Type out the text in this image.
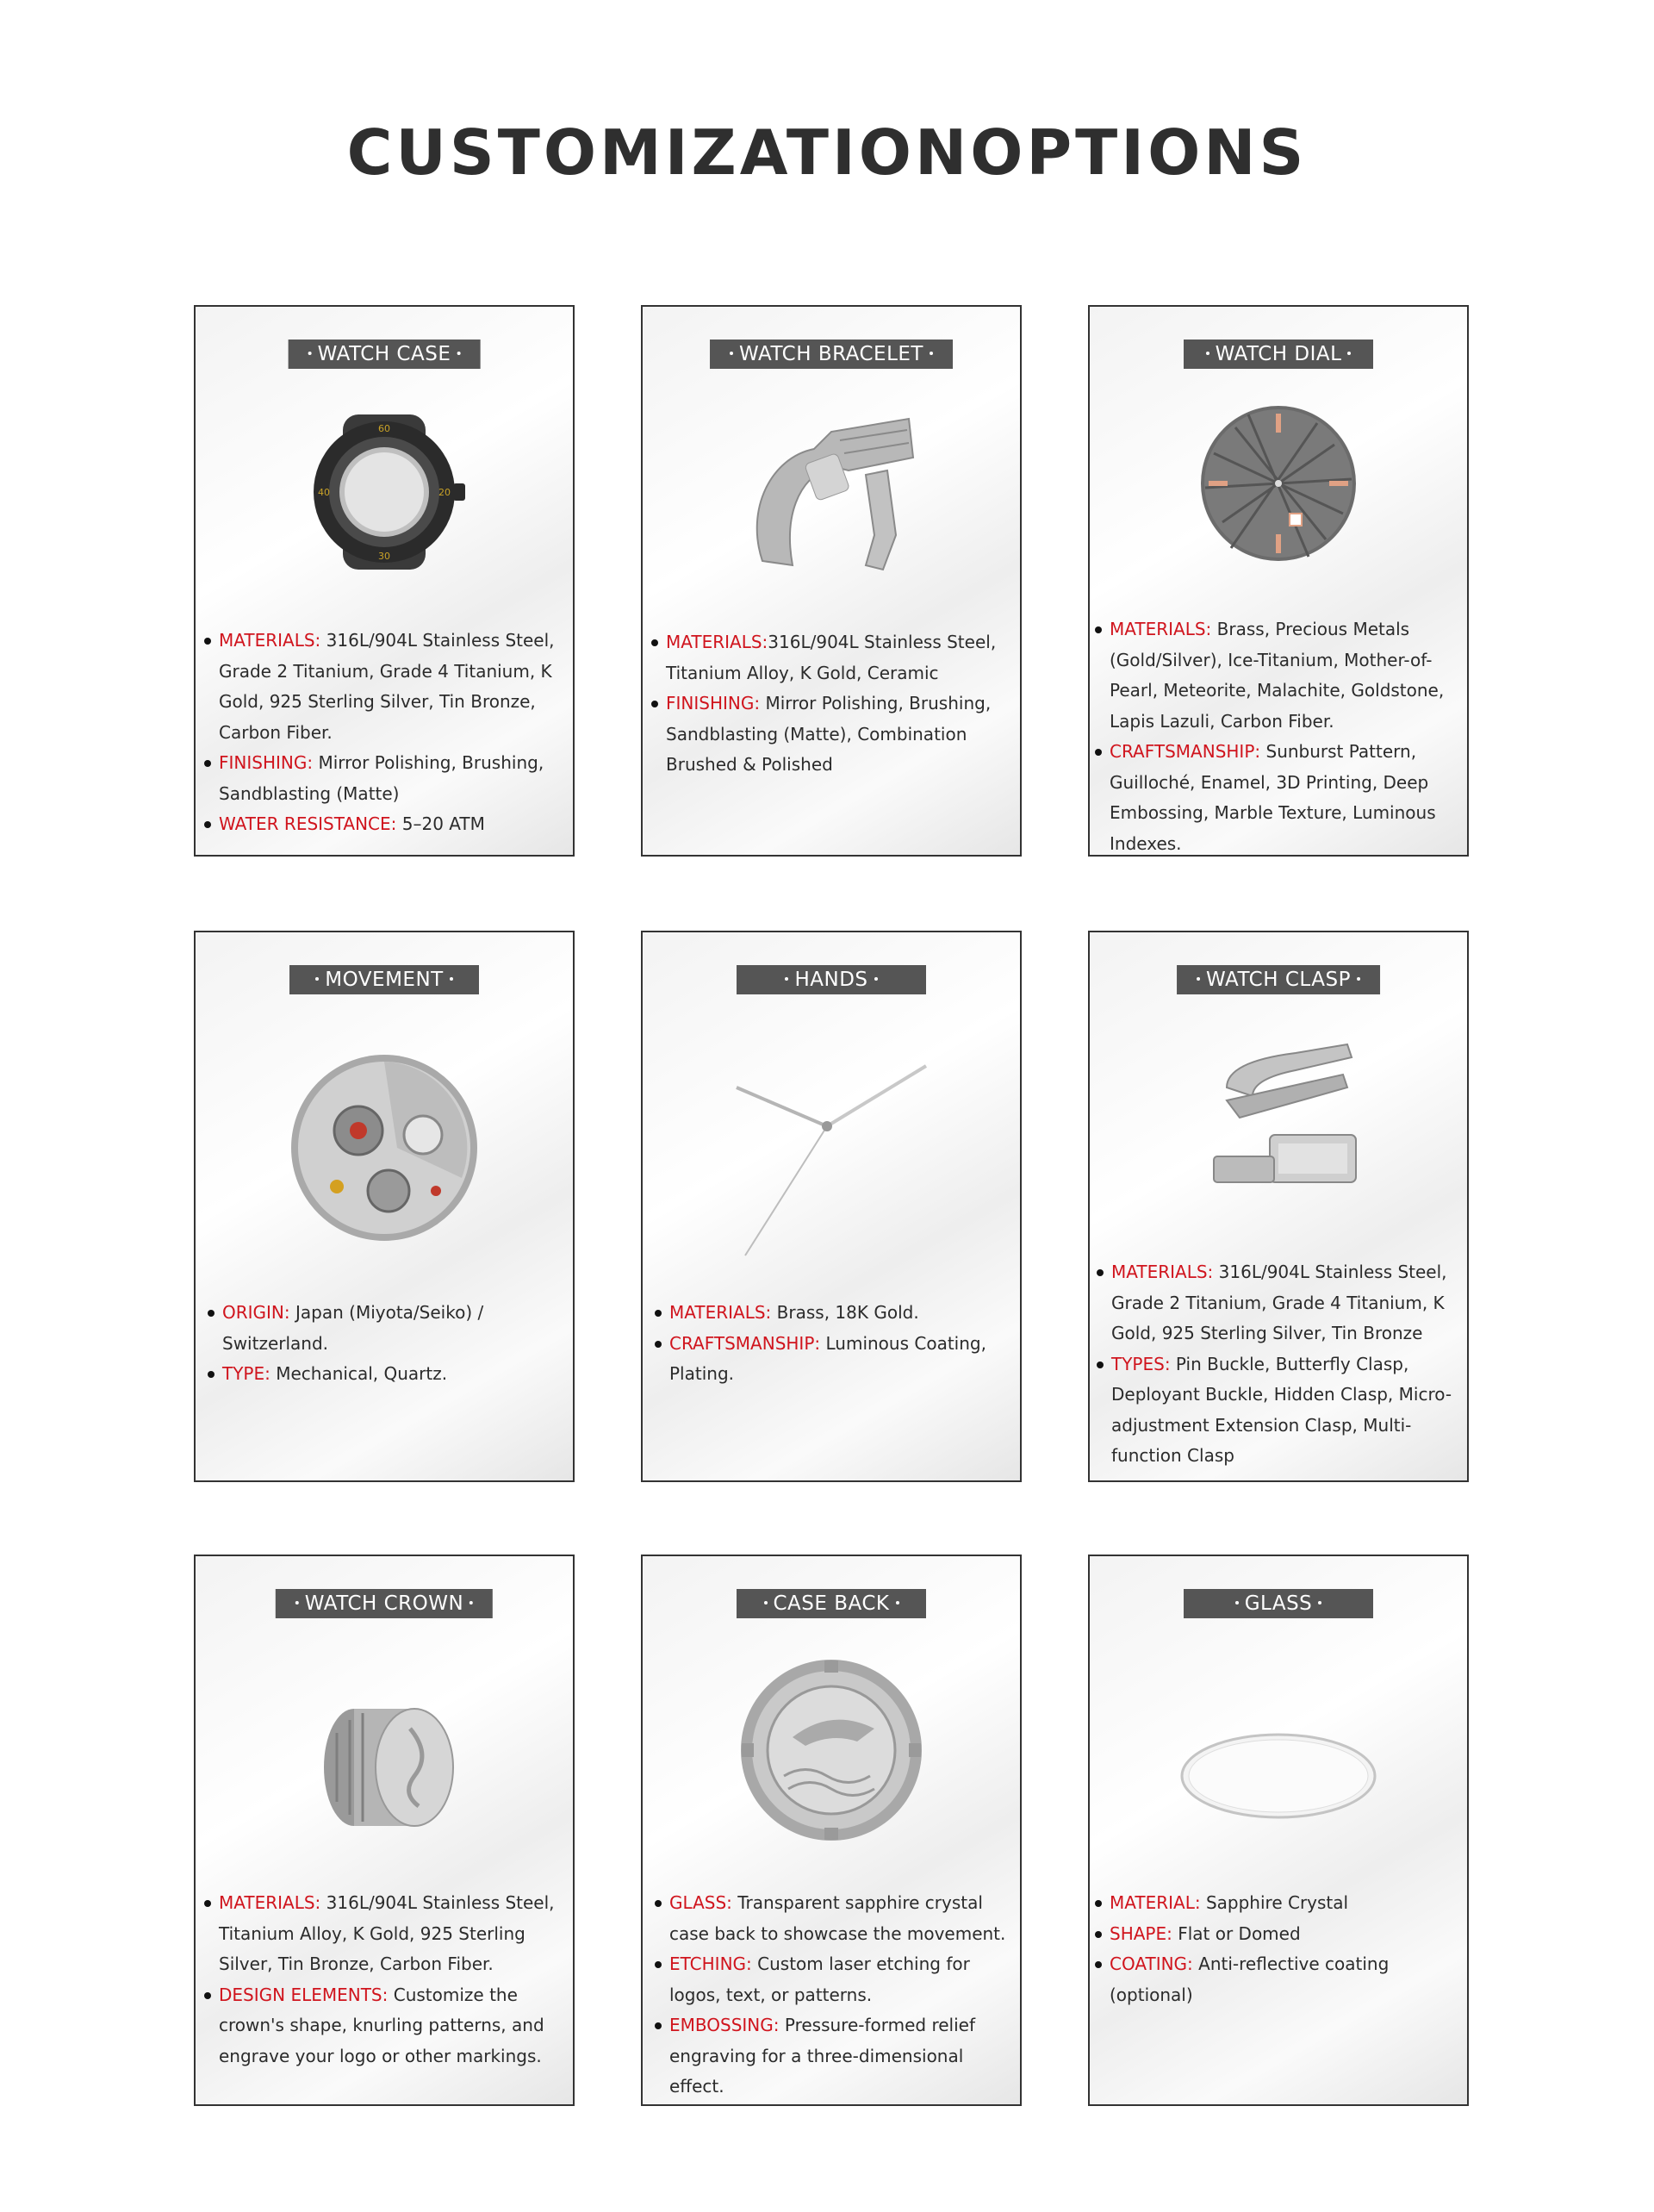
CUSTOMIZATIONOPTIONS
WATCH CASE
60
30
40	20
MATERIALS: 316L/904L Stainless Steel, Grade 2 Titanium, Grade 4 Titanium, K Gold, 925 Sterling Silver, Tin Bronze, Carbon Fiber.
FINISHING: Mirror Polishing, Brushing, Sandblasting (Matte)
WATER RESISTANCE: 5–20 ATM
WATCH BRACELET
MATERIALS:316L/904L Stainless Steel, Titanium Alloy, K Gold, Ceramic
FINISHING: Mirror Polishing, Brushing, Sandblasting (Matte), Combination Brushed & Polished
WATCH DIAL
MATERIALS: Brass, Precious Metals (Gold/Silver), Ice-Titanium, Mother-of-Pearl, Meteorite, Malachite, Goldstone, Lapis Lazuli, Carbon Fiber.
CRAFTSMANSHIP: Sunburst Pattern, Guilloché, Enamel, 3D Printing, Deep Embossing, Marble Texture, Luminous Indexes.
MOVEMENT
ORIGIN: Japan (Miyota/Seiko) / Switzerland.
TYPE: Mechanical, Quartz.
HANDS
MATERIALS: Brass, 18K Gold.
CRAFTSMANSHIP: Luminous Coating, Plating.
WATCH CLASP
MATERIALS: 316L/904L Stainless Steel, Grade 2 Titanium, Grade 4 Titanium, K Gold, 925 Sterling Silver, Tin Bronze
TYPES: Pin Buckle, Butterfly Clasp, Deployant Buckle, Hidden Clasp, Micro-adjustment Extension Clasp, Multi-function Clasp
WATCH CROWN
MATERIALS: 316L/904L Stainless Steel, Titanium Alloy, K Gold, 925 Sterling Silver, Tin Bronze, Carbon Fiber.
DESIGN ELEMENTS: Customize the crown's shape, knurling patterns, and engrave your logo or other markings.
CASE BACK
GLASS: Transparent sapphire crystal case back to showcase the movement.
ETCHING: Custom laser etching for logos, text, or patterns.
EMBOSSING: Pressure-formed relief engraving for a three-dimensional effect.
GLASS
MATERIAL: Sapphire Crystal
SHAPE: Flat or Domed
COATING: Anti-reflective coating (optional)
